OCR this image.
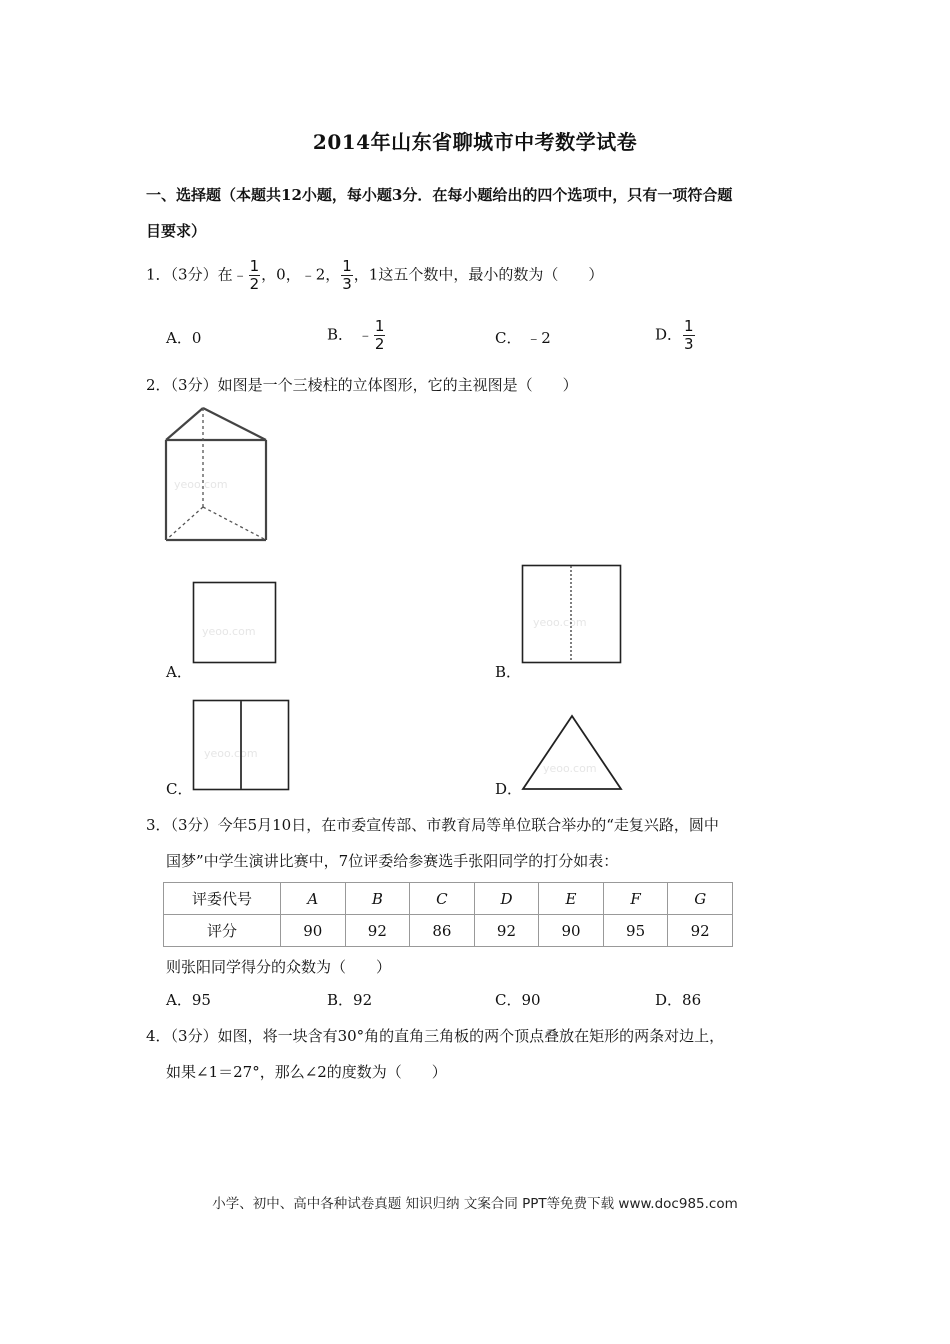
2014年山东省聊城市中考数学试卷
一、选择题（本题共12小题，每小题3分．在每小题给出的四个选项中，只有一项符合题
目要求）
1．（3分）在﹣ $\frac{1}{2}$ ，0，﹣2， $\frac{1}{3}$ ，1这五个数中，最小的数为（　　）
A．0	B． ﹣ $\frac{1}{2}$	C． ﹣2	D． $\frac{1}{3}$
2．（3分）如图是一个三棱柱的立体图形，它的主视图是（　　）
yeoo.com
A．
yeoo.com
B．
yeoo.com
C．
yeoo.com
D．
yeoo.com
3．（3分）今年5月10日，在市委宣传部、市教育局等单位联合举办的“走复兴路，圆中
国梦”中学生演讲比赛中，7位评委给参赛选手张阳同学的打分如表：
评委代号	A	B	C	D	E	F	G
评分	90	92	86	92	90	95	92
则张阳同学得分的众数为（　　）
A．95	B．92	C．90	D．86
4．（3分）如图，将一块含有30°角的直角三角板的两个顶点叠放在矩形的两条对边上，
如果∠1＝27°，那么∠2的度数为（　　）
小学、初中、高中各种试卷真题 知识归纳 文案合同 PPT等免费下载 www.doc985.com
